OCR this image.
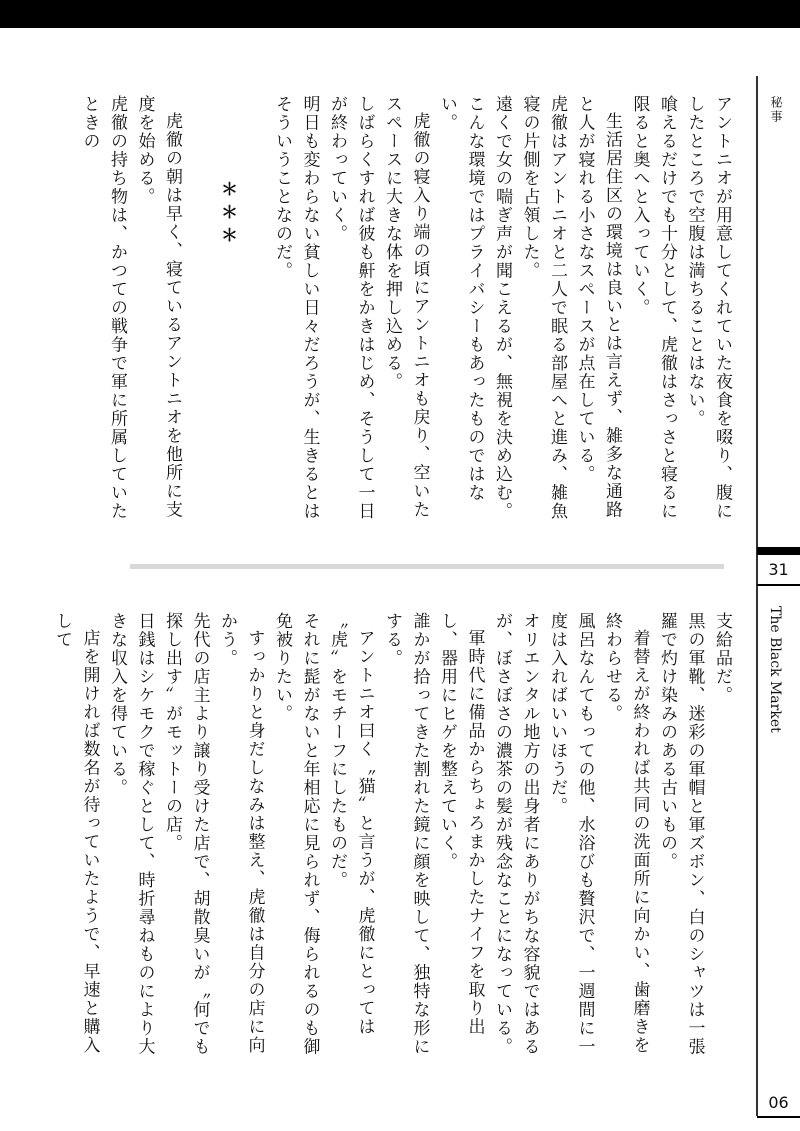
アントニオが用意してくれていた夜食を啜り、腹にしたところで空腹は満ちることはない。

喰えるだけでも十分として、虎徹はさっさと寝るに限ると奥へと入っていく。

生活居住区の環境は良いとは言えず、雑多な通路と人が寝れる小さなスペースが点在している。

虎徹はアントニオと二人で眠る部屋へと進み、雑魚寝の片側を占領した。

遠くで女の喘ぎ声が聞こえるが、無視を決め込む。

こんな環境ではプライバシーもあったものではない。

虎徹の寝入り端の頃にアントニオも戻り、空いたスペースに大きな体を押し込める。

しばらくすれば彼も鼾をかきはじめ、そうして一日が終わっていく。

明日も変わらない貧しい日々だろうが、生きるとはそういうことなのだ。

＊＊＊

虎徹の朝は早く、寝ているアントニオを他所に支度を始める。

虎徹の持ち物は、かつての戦争で軍に所属していたときの

支給品だ。

黒の軍靴、迷彩の軍帽と軍ズボン、白のシャツは一張羅で灼け染みのある古いもの。

着替えが終われば共同の洗面所に向かい、歯磨きを終わらせる。

風呂なんてもっての他、水浴びも贅沢で、一週間に一度は入ればいいほうだ。

オリエンタル地方の出身者にありがちな容貌ではあるが、ぼさぼさの濃茶の髪が残念なことになっている。

軍時代に備品からちょろまかしたナイフを取り出し、器用にヒゲを整えていく。

誰かが拾ってきた割れた鏡に顔を映して、独特な形にする。

アントニオ曰く〝猫〟と言うが、虎徹にとっては〝虎〟をモチーフにしたものだ。

それに髭がないと年相応に見られず、侮られるのも御免被りたい。

すっかりと身だしなみは整え、虎徹は自分の店に向かう。

先代の店主より譲り受けた店で、胡散臭いが〝何でも探し出す〟がモットーの店。

日銭はシケモクで稼ぐとして、時折尋ねものにより大きな収入を得ている。

店を開ければ数名が待っていたようで、早速と購入して

秘事
31
The Black Market
06
